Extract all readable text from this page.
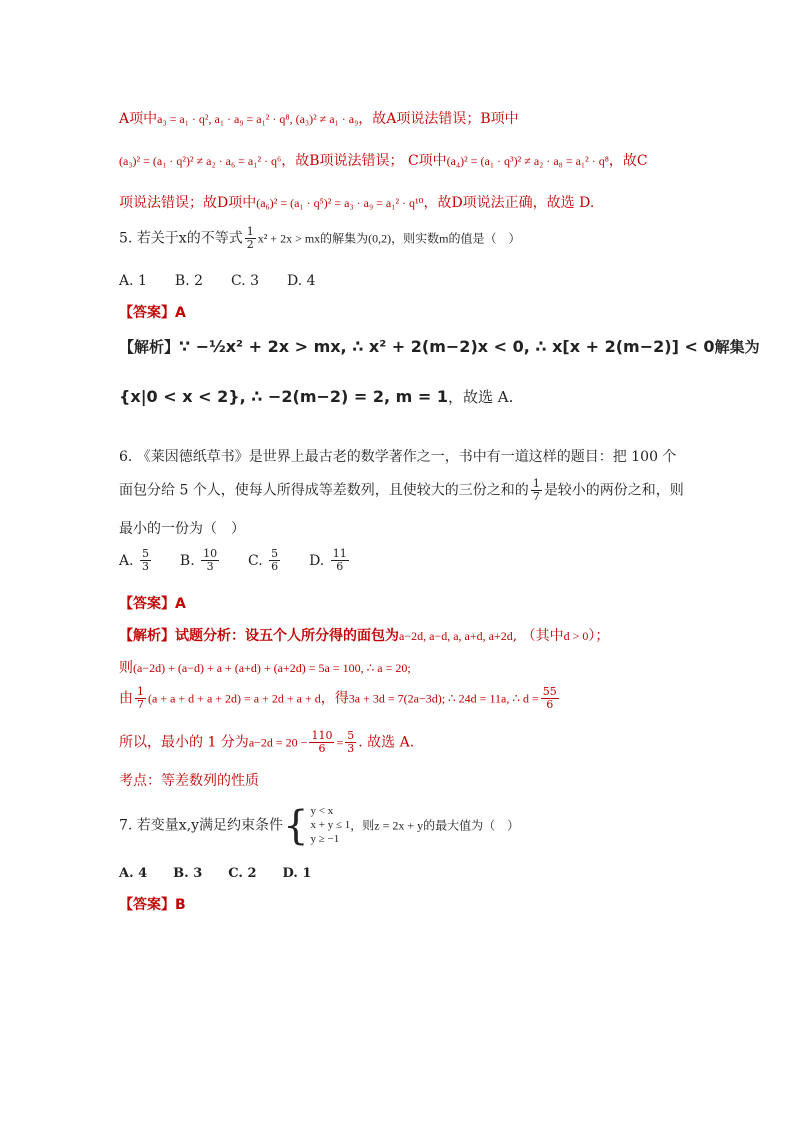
A项中a₃ = a₁ · q², a₁ · a₉ = a₁² · q⁸, (a₃)² ≠ a₁ · a₉，故A项说法错误；B项中
(a₃)² = (a₁ · q²)² ≠ a₂ · a₆ = a₁² · q⁶，故B项说法错误； C项中(a₄)² = (a₁ · q³)² ≠ a₂ · a₈ = a₁² · q⁸，故C
项说法错误；故D项中(a₆)² = (a₁ · q⁵)² = a₃ · a₉ = a₁² · q¹⁰，故D项说法正确，故选 D.
5. 若关于x的不等式 $\frac{1}{2} x^2 + 2x$ > mx的解集为(0,2)，则实数m的值是（　）
A. 1　　B. 2　　C. 3　　D. 4
【答案】A
【解析】∵ −½x² + 2x > mx, ∴ x² + 2(m−2)x < 0, ∴ x[x + 2(m−2)] < 0解集为
{x|0 < x < 2}, ∴ −2(m−2) = 2, m = 1，故选 A.
6. 《莱因德纸草书》是世界上最古老的数学著作之一，书中有一道这样的题目：把 100 个
面包分给 5 个人，使每人所得成等差数列，且使较大的三份之和的 $\frac{1}{7}$ 是较小的两份之和，则
最小的一份为（　）
A. $\frac{5}{3} B$. $\frac{10}{3} C$. $\frac{5}{6} D$. $\frac{11}{6}$
【答案】A
【解析】试题分析：设五个人所分得的面包为a−2d, a−d, a, a+d, a+2d, （其中d > 0）；
则(a−2d) + (a−d) + a + (a+d) + (a+2d) = 5a = 100, ∴ a = 20;
由 $\frac{1}{7} (a + a + d + a + 2d) = a + 2d + a + d$，得3a + 3d = 7(2a−3d); ∴ 24d = 11a, ∴ $d = \frac{55}{6}$
所以，最小的 1 分为$a-2d = 20 - \frac{110}{6} = \frac{5}{3}$ . 故选 A.
考点：等差数列的性质
7. 若变量x,y满足约束条件 { y < x
x + y ≤ 1
y ≥ −1
，则z = 2x + y的最大值为（　）
A. 4　　B. 3　　C. 2　　D. 1
【答案】B
